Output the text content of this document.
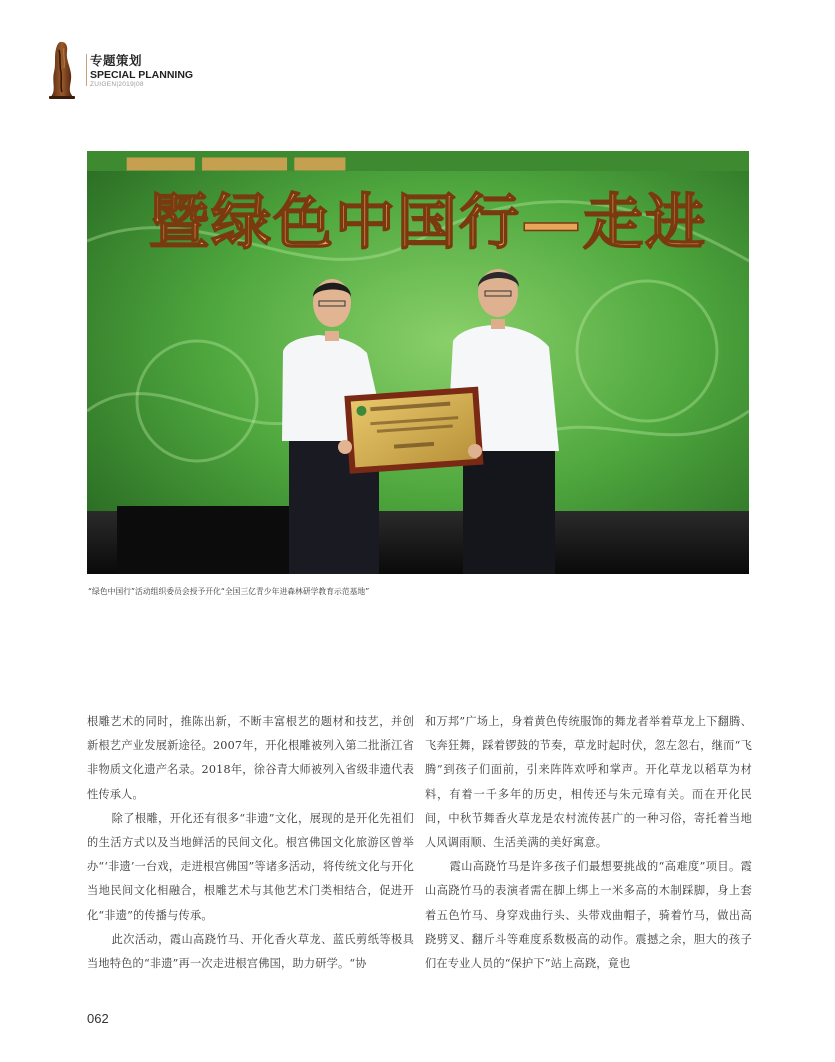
专题策划
SPECIAL PLANNING
ZUIGEN|2019|08
▄▄▄▄ ▄▄▄▄▄ ▄▄▄
暨绿色中国行—走进
“绿色中国行”活动组织委员会授予开化“全国三亿青少年进森林研学教育示范基地”

根雕艺术的同时，推陈出新，不断丰富根艺的题材和技艺，并创新根艺产业发展新途径。2007年，开化根雕被列入第二批浙江省非物质文化遗产名录。2018年，徐谷青大师被列入省级非遗代表性传承人。

除了根雕，开化还有很多“非遗”文化，展现的是开化先祖们的生活方式以及当地鲜活的民间文化。根宫佛国文化旅游区曾举办“‘非遗’一台戏，走进根宫佛国”等诸多活动，将传统文化与开化当地民间文化相融合，根雕艺术与其他艺术门类相结合，促进开化“非遗”的传播与传承。

此次活动，霞山高跷竹马、开化香火草龙、蓝氏剪纸等极具当地特色的“非遗”再一次走进根宫佛国，助力研学。“协

和万邦”广场上，身着黄色传统服饰的舞龙者举着草龙上下翻腾、飞奔狂舞，踩着锣鼓的节奏，草龙时起时伏，忽左忽右，继而“飞腾”到孩子们面前，引来阵阵欢呼和掌声。开化草龙以稻草为材料，有着一千多年的历史，相传还与朱元璋有关。而在开化民间，中秋节舞香火草龙是农村流传甚广的一种习俗，寄托着当地人风调雨顺、生活美满的美好寓意。

霞山高跷竹马是许多孩子们最想要挑战的“高难度”项目。霞山高跷竹马的表演者需在脚上绑上一米多高的木制踩脚，身上套着五色竹马、身穿戏曲行头、头带戏曲帽子，骑着竹马，做出高跷劈叉、翻斤斗等难度系数极高的动作。震撼之余，胆大的孩子们在专业人员的“保护下”站上高跷，竟也

062
